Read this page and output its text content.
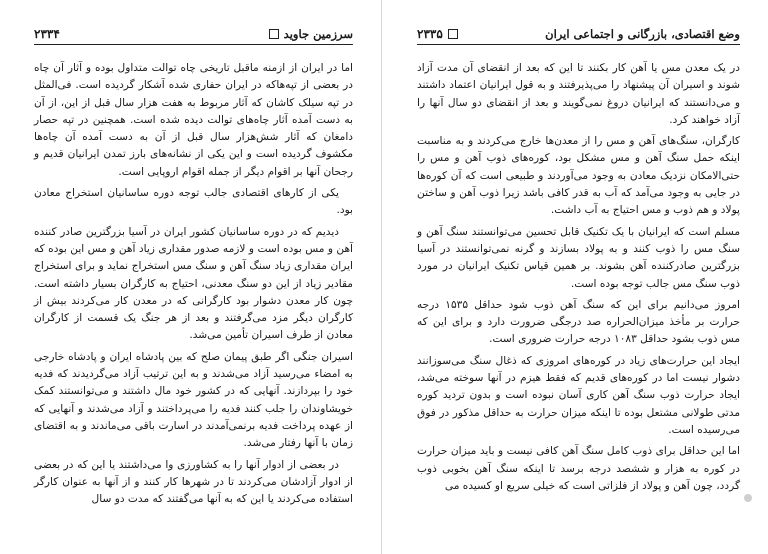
۲۳۳۴	سرزمین جاوید

اما در ایران از ازمنه ماقبل تاریخی چاه توالت متداول بوده و آثار آن چاه در بعضی از تپه‌هاکه در ایران حفاری شده آشکار گردیده است. فی‌المثل در تپه سیلک کاشان که آثار مربوط به هفت هزار سال قبل از این، از آن به دست آمده آثار چاه‌های توالت دیده شده است. همچنین در تپه حصار دامغان که آثار شش‌هزار سال قبل از آن به دست آمده آن چاه‌ها مکشوف گردیده است و این یکی از نشانه‌های بارز تمدن ایرانیان قدیم و رجحان آنها بر اقوام دیگر از جمله اقوام اروپایی است.

یکی از کارهای اقتصادی جالب توجه دوره ساسانیان استخراج معادن بود.

دیدیم که در دوره ساسانیان کشور ایران در آسیا بزرگترین صادر کننده آهن و مس بوده است و لازمه صدور مقداری زیاد آهن و مس این بوده که ایران مقداری زیاد سنگ آهن و سنگ مس استخراج نماید و برای استخراج مقادیر زیاد از این دو سنگ معدنی، احتیاج به کارگران بسیار داشته است. چون کار معدن دشوار بود کارگرانی که در معدن کار می‌کردند بیش از کارگران دیگر مزد می‌گرفتند و بعد از هر جنگ یک قسمت از کارگران معادن از طرف اسیران تأمین می‌شد.

اسیران جنگی اگر طبق پیمان صلح که بین پادشاه ایران و پادشاه خارجی به امضاء می‌رسید آزاد می‌شدند و به این ترتیب آزاد می‌گردیدند که فدیه خود را بپردازند. آنهایی که در کشور خود مال داشتند و می‌توانستند کمک خویشاوندان را جلب کنند فدیه را می‌پرداختند و آزاد می‌شدند و آنهایی که از عهده پرداخت فدیه برنمی‌آمدند در اسارت باقی می‌ماندند و به اقتضای زمان با آنها رفتار می‌شد.

در بعضی از ادوار آنها را به کشاورزی وا می‌داشتند یا این که در بعضی از ادوار آزادشان می‌کردند تا در شهرها کار کنند و از آنها به عنوان کارگر استفاده می‌کردند یا این که به آنها می‌گفتند که مدت دو سال

۲۳۳۵	وضع اقتصادی، بازرگانی و اجتماعی ایران

در یک معدن مس یا آهن کار بکنند تا این که بعد از انقضای آن مدت آزاد شوند و اسیران آن پیشنهاد را می‌پذیرفتند و به قول ایرانیان اعتماد داشتند و می‌دانستند که ایرانیان دروغ نمی‌گویند و بعد از انقضای دو سال آنها را آزاد خواهند کرد.

کارگران، سنگ‌های آهن و مس را از معدن‌ها خارج می‌کردند و به مناسبت اینکه حمل سنگ آهن و مس مشکل بود، کوره‌های ذوب آهن و مس را حتی‌الامکان نزدیک معادن به وجود می‌آوردند و طبیعی است که آن کوره‌ها در جایی به وجود می‌آمد که آب به قدر کافی باشد زیرا ذوب آهن و ساختن پولاد و هم ذوب و مس احتیاج به آب داشت.

مسلم است که ایرانیان با یک تکنیک قابل تحسین می‌توانستند سنگ آهن و سنگ مس را ذوب کنند و به پولاد بسازند و گرنه نمی‌توانستند در آسیا بزرگترین صادرکننده آهن بشوند. بر همین قیاس تکنیک ایرانیان در مورد ذوب سنگ مس جالب توجه بوده است.

امروز می‌دانیم برای این که سنگ آهن ذوب شود حداقل ۱۵۳۵ درجه حرارت بر مأخذ میزان‌الحراره صد درجگی ضرورت دارد و برای این که مس ذوب بشود حداقل ۱۰۸۳ درجه حرارت ضروری است.

ایجاد این حرارت‌های زیاد در کوره‌های امروزی که ذغال سنگ می‌سوزانند دشوار نیست اما در کوره‌های قدیم که فقط هیزم در آنها سوخته می‌شد، ایجاد حرارت ذوب سنگ آهن کاری آسان نبوده است و بدون تردید کوره مدتی طولانی مشتعل بوده تا اینکه میزان حرارت به حداقل مذکور در فوق می‌رسیده است.

اما این حداقل برای ذوب کامل سنگ آهن کافی نیست و باید میزان حرارت در کوره به هزار و ششصد درجه برسد تا اینکه سنگ آهن بخوبی ذوب گردد، چون آهن و پولاد از فلزاتی است که خیلی سریع او کسیده می‌
